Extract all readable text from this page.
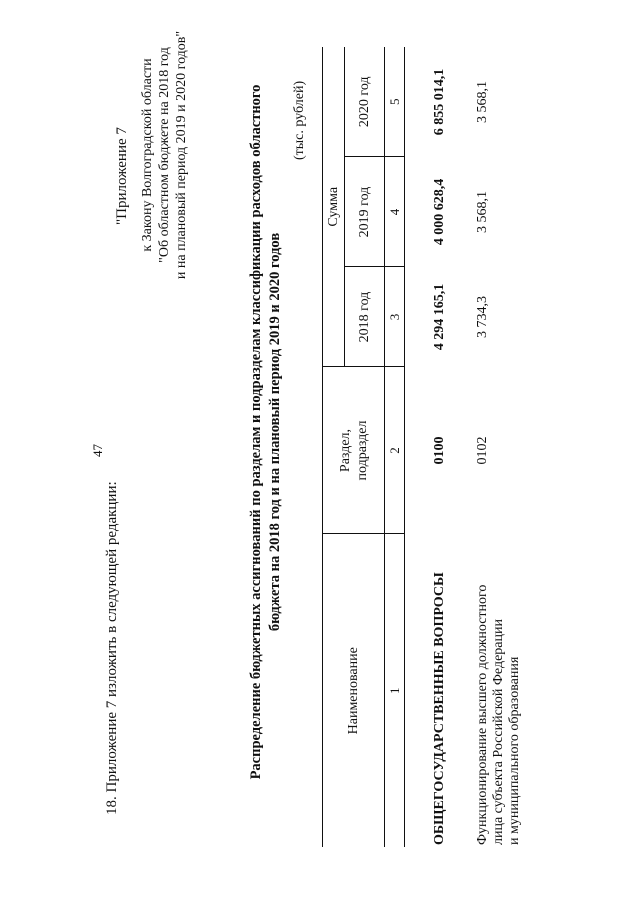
47
18. Приложение 7 изложить в следующей редакции:
"Приложение 7 к Закону Волгоградской области "Об областном бюджете на 2018 год и на плановый период 2019 и 2020 годов"	Распределение бюджетных ассигнований по разделам и подразделам классификации расходов областного бюджета на 2018 год и на плановый период 2019 и 2020 годов
(тыс. рублей)
Наименование	Раздел, подраздел	Сумма		
		2018 год	2019 год	2020 год
1	2	3	4	5
ОБЩЕГОСУДАРСТВЕННЫЕ ВОПРОСЫ	0100	4 294 165,1	4 000 628,4	6 855 014,1

Функционирование высшего должностного лица субъекта Российской Федерации и муниципального образования	0102	3 734,3	3 568,1	3 568,1
